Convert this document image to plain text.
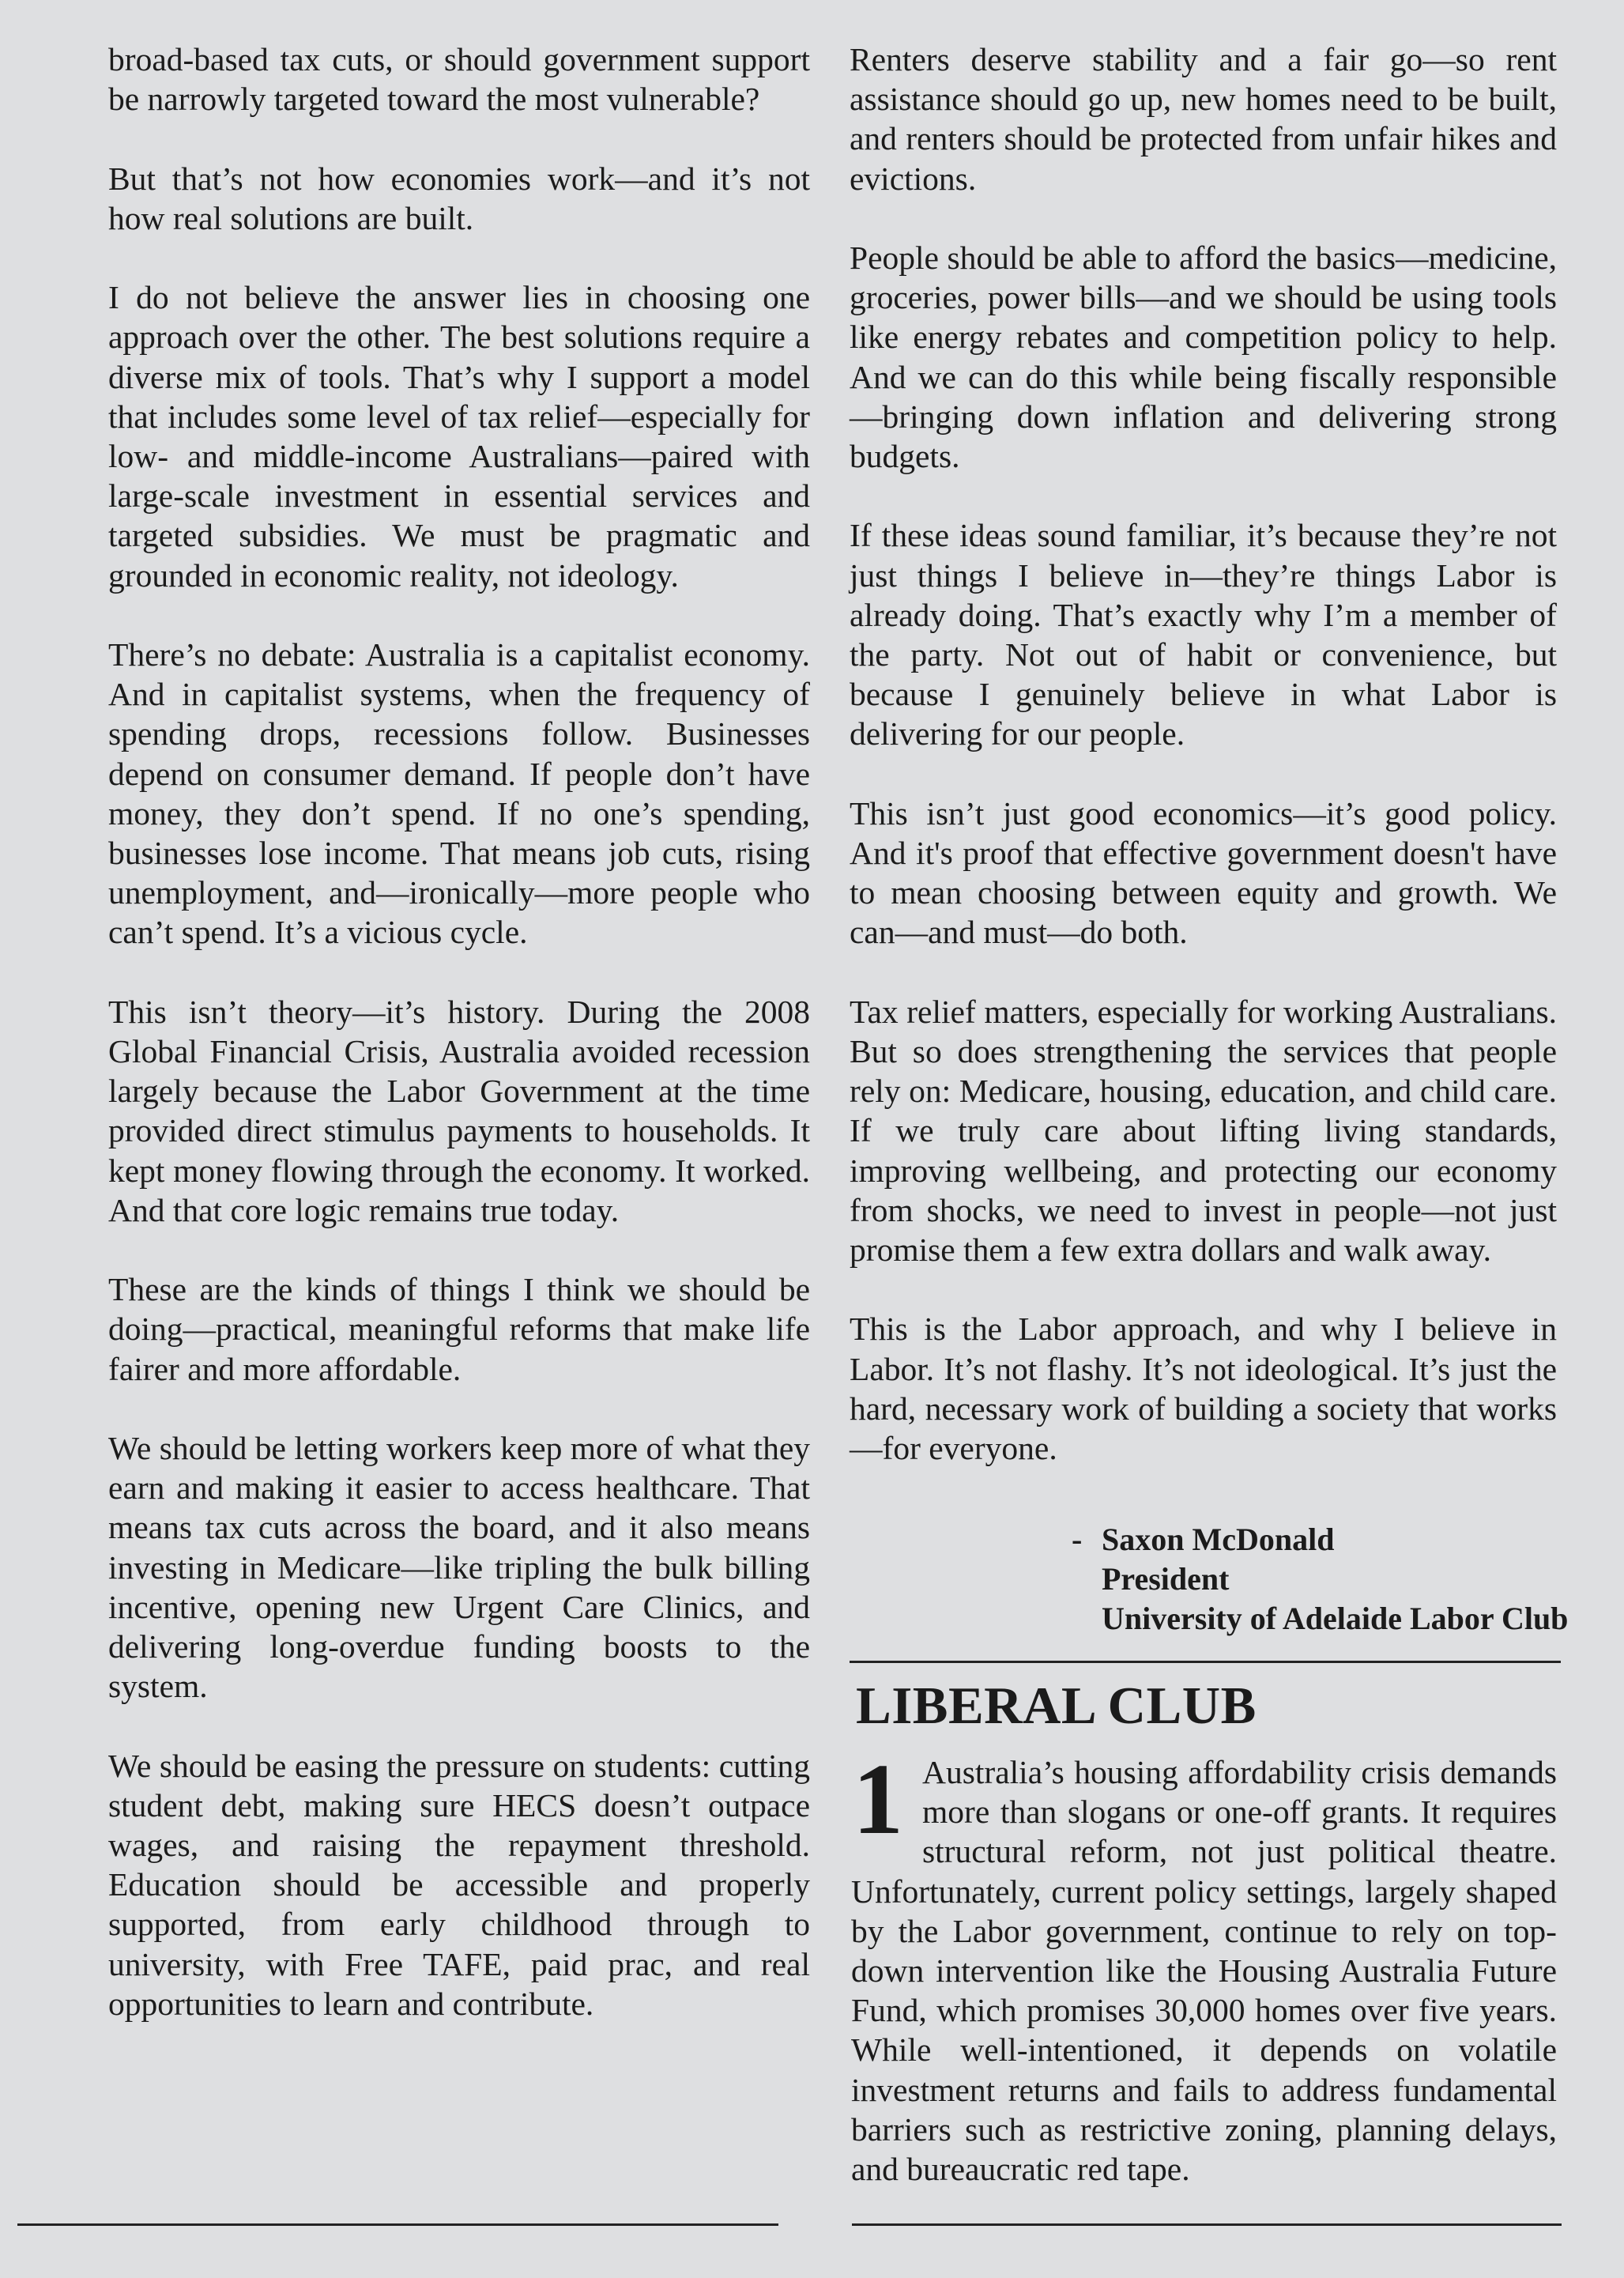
broad-based tax cuts, or should government support be narrowly targeted toward the most vulnerable?

But that’s not how economies work—and it’s not how real solutions are built.

I do not believe the answer lies in choosing one approach over the other. The best solutions require a diverse mix of tools. That’s why I support a model that includes some level of tax relief—especially for low- and middle-income Australians—paired with large-scale investment in essential services and targeted subsidies. We must be pragmatic and grounded in economic reality, not ideology.

There’s no debate: Australia is a capitalist economy. And in capitalist systems, when the frequency of spending drops, recessions follow. Businesses depend on consumer demand. If people don’t have money, they don’t spend. If no one’s spending, businesses lose income. That means job cuts, rising unemployment, and—ironically—more people who can’t spend. It’s a vicious cycle.

This isn’t theory—it’s history. During the 2008 Global Financial Crisis, Australia avoided recession largely because the Labor Government at the time provided direct stimulus payments to households. It kept money flowing through the economy. It worked. And that core logic remains true today.

These are the kinds of things I think we should be doing—practical, meaningful reforms that make life fairer and more affordable.

We should be letting workers keep more of what they earn and making it easier to access healthcare. That means tax cuts across the board, and it also means investing in Medicare—like tripling the bulk billing incentive, opening new Urgent Care Clinics, and delivering long-overdue funding boosts to the system.

We should be easing the pressure on students: cutting student debt, making sure HECS doesn’t outpace wages, and raising the repayment threshold. Education should be accessible and properly supported, from early childhood through to university, with Free TAFE, paid prac, and real opportunities to learn and contribute.

Renters deserve stability and a fair go—so rent assistance should go up, new homes need to be built, and renters should be protected from unfair hikes and evictions.

People should be able to afford the basics—medicine, groceries, power bills—and we should be using tools like energy rebates and competition policy to help. And we can do this while being fiscally responsible—bringing down inflation and delivering strong budgets.

If these ideas sound familiar, it’s because they’re not just things I believe in—they’re things Labor is already doing. That’s exactly why I’m a member of the party. Not out of habit or convenience, but because I genuinely believe in what Labor is delivering for our people.

This isn’t just good economics—it’s good policy. And it's proof that effective government doesn't have to mean choosing between equity and growth. We can—and must—do both.

Tax relief matters, especially for working Australians. But so does strengthening the services that people rely on: Medicare, housing, education, and child care. If we truly care about lifting living standards, improving wellbeing, and protecting our economy from shocks, we need to invest in people—not just promise them a few extra dollars and walk away.

This is the Labor approach, and why I believe in Labor. It’s not flashy. It’s not ideological. It’s just the hard, necessary work of building a society that works—for everyone.

- Saxon McDonald
President
University of Adelaide Labor Club
LIBERAL CLUB
1 Australia’s housing affordability crisis demands more than slogans or one-off grants. It requires structural reform, not just political theatre. Unfortunately, current policy settings, largely shaped by the Labor government, continue to rely on top-down intervention like the Housing Australia Future Fund, which promises 30,000 homes over five years. While well-intentioned, it depends on volatile investment returns and fails to address fundamental barriers such as restrictive zoning, planning delays, and bureaucratic red tape.
